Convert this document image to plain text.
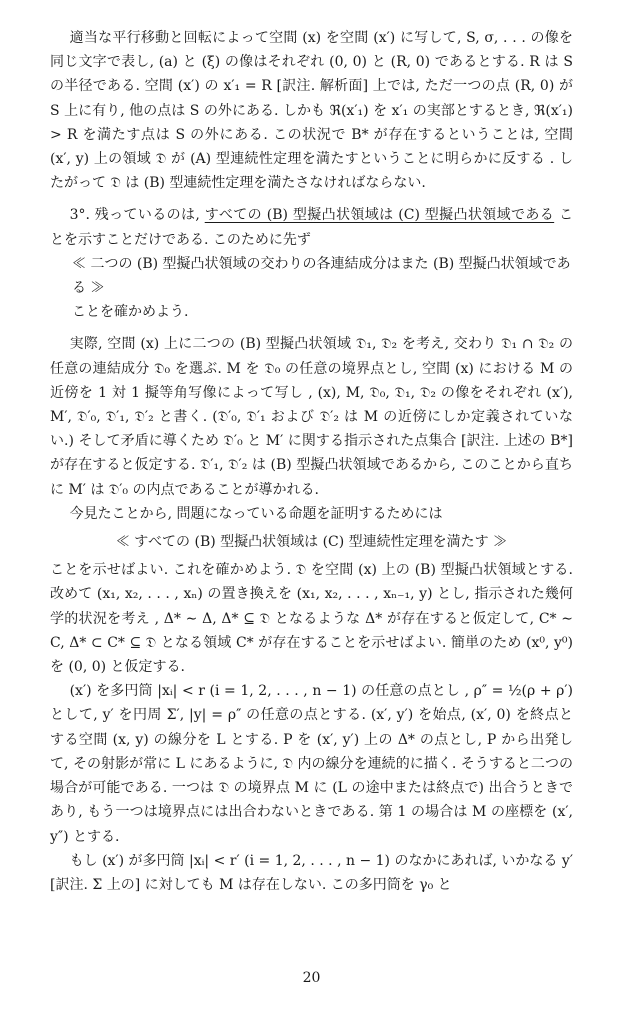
適当な平行移動と回転によって空間 (x) を空間 (x′) に写して, S, σ, . . . の像を同じ文字で表し, (a) と (ξ) の像はそれぞれ (0, 0) と (R, 0) であるとする. R は S の半径である. 空間 (x′) の x′₁ = R [訳注. 解析面] 上では, ただ一つの点 (R, 0) が S 上に有り, 他の点は S の外にある. しかも ℜ(x′₁) を x′₁ の実部とするとき, ℜ(x′₁) > R を満たす点は S の外にある. この状況で B* が存在するということは, 空間 (x′, y) 上の領域 𝔇 が (A) 型連続性定理を満たすということに明らかに反する . したがって 𝔇 は (B) 型連続性定理を満たさなければならない.

3°. 残っているのは, すべての (B) 型擬凸状領域は (C) 型擬凸状領域である ことを示すことだけである. このために先ず

≪ 二つの (B) 型擬凸状領域の交わりの各連結成分はまた (B) 型擬凸状領域である ≫

ことを確かめよう.

実際, 空間 (x) 上に二つの (B) 型擬凸状領域 𝔇₁, 𝔇₂ を考え, 交わり 𝔇₁ ∩ 𝔇₂ の任意の連結成分 𝔇₀ を選ぶ. M を 𝔇₀ の任意の境界点とし, 空間 (x) における M の近傍を 1 対 1 擬等角写像によって写し , (x), M, 𝔇₀, 𝔇₁, 𝔇₂ の像をそれぞれ (x′), M′, 𝔇′₀, 𝔇′₁, 𝔇′₂ と書く. (𝔇′₀, 𝔇′₁ および 𝔇′₂ は M の近傍にしか定義されていない.) そして矛盾に導くため 𝔇′₀ と M′ に関する指示された点集合 [訳注. 上述の B*] が存在すると仮定する. 𝔇′₁, 𝔇′₂ は (B) 型擬凸状領域であるから, このことから直ちに M′ は 𝔇′₀ の内点であることが導かれる.

今見たことから, 問題になっている命題を証明するためには

≪ すべての (B) 型擬凸状領域は (C) 型連続性定理を満たす ≫

ことを示せばよい. これを確かめよう. 𝔇 を空間 (x) 上の (B) 型擬凸状領域とする. 改めて (x₁, x₂, . . . , xₙ) の置き換えを (x₁, x₂, . . . , xₙ₋₁, y) とし, 指示された幾何学的状況を考え , Δ* ∼ Δ, Δ* ⊆ 𝔇 となるような Δ* が存在すると仮定して, C* ∼ C, Δ* ⊂ C* ⊆ 𝔇 となる領域 C* が存在することを示せばよい. 簡単のため (x⁰, y⁰) を (0, 0) と仮定する.

(x′) を多円筒 |xᵢ| < r (i = 1, 2, . . . , n − 1) の任意の点とし , ρ″ = ½(ρ + ρ′) として, y′ を円周 Σ′, |y| = ρ″ の任意の点とする. (x′, y′) を始点, (x′, 0) を終点とする空間 (x, y) の線分を L とする. P を (x′, y′) 上の Δ* の点とし, P から出発して, その射影が常に L にあるように, 𝔇 内の線分を連続的に描く. そうすると二つの場合が可能である. 一つは 𝔇 の境界点 M に (L の途中または終点で) 出合うときであり, もう一つは境界点には出合わないときである. 第 1 の場合は M の座標を (x′, y″) とする.

もし (x′) が多円筒 |xᵢ| < r′ (i = 1, 2, . . . , n − 1) のなかにあれば, いかなる y′ [訳注. Σ 上の] に対しても M は存在しない. この多円筒を γ₀ と

20
